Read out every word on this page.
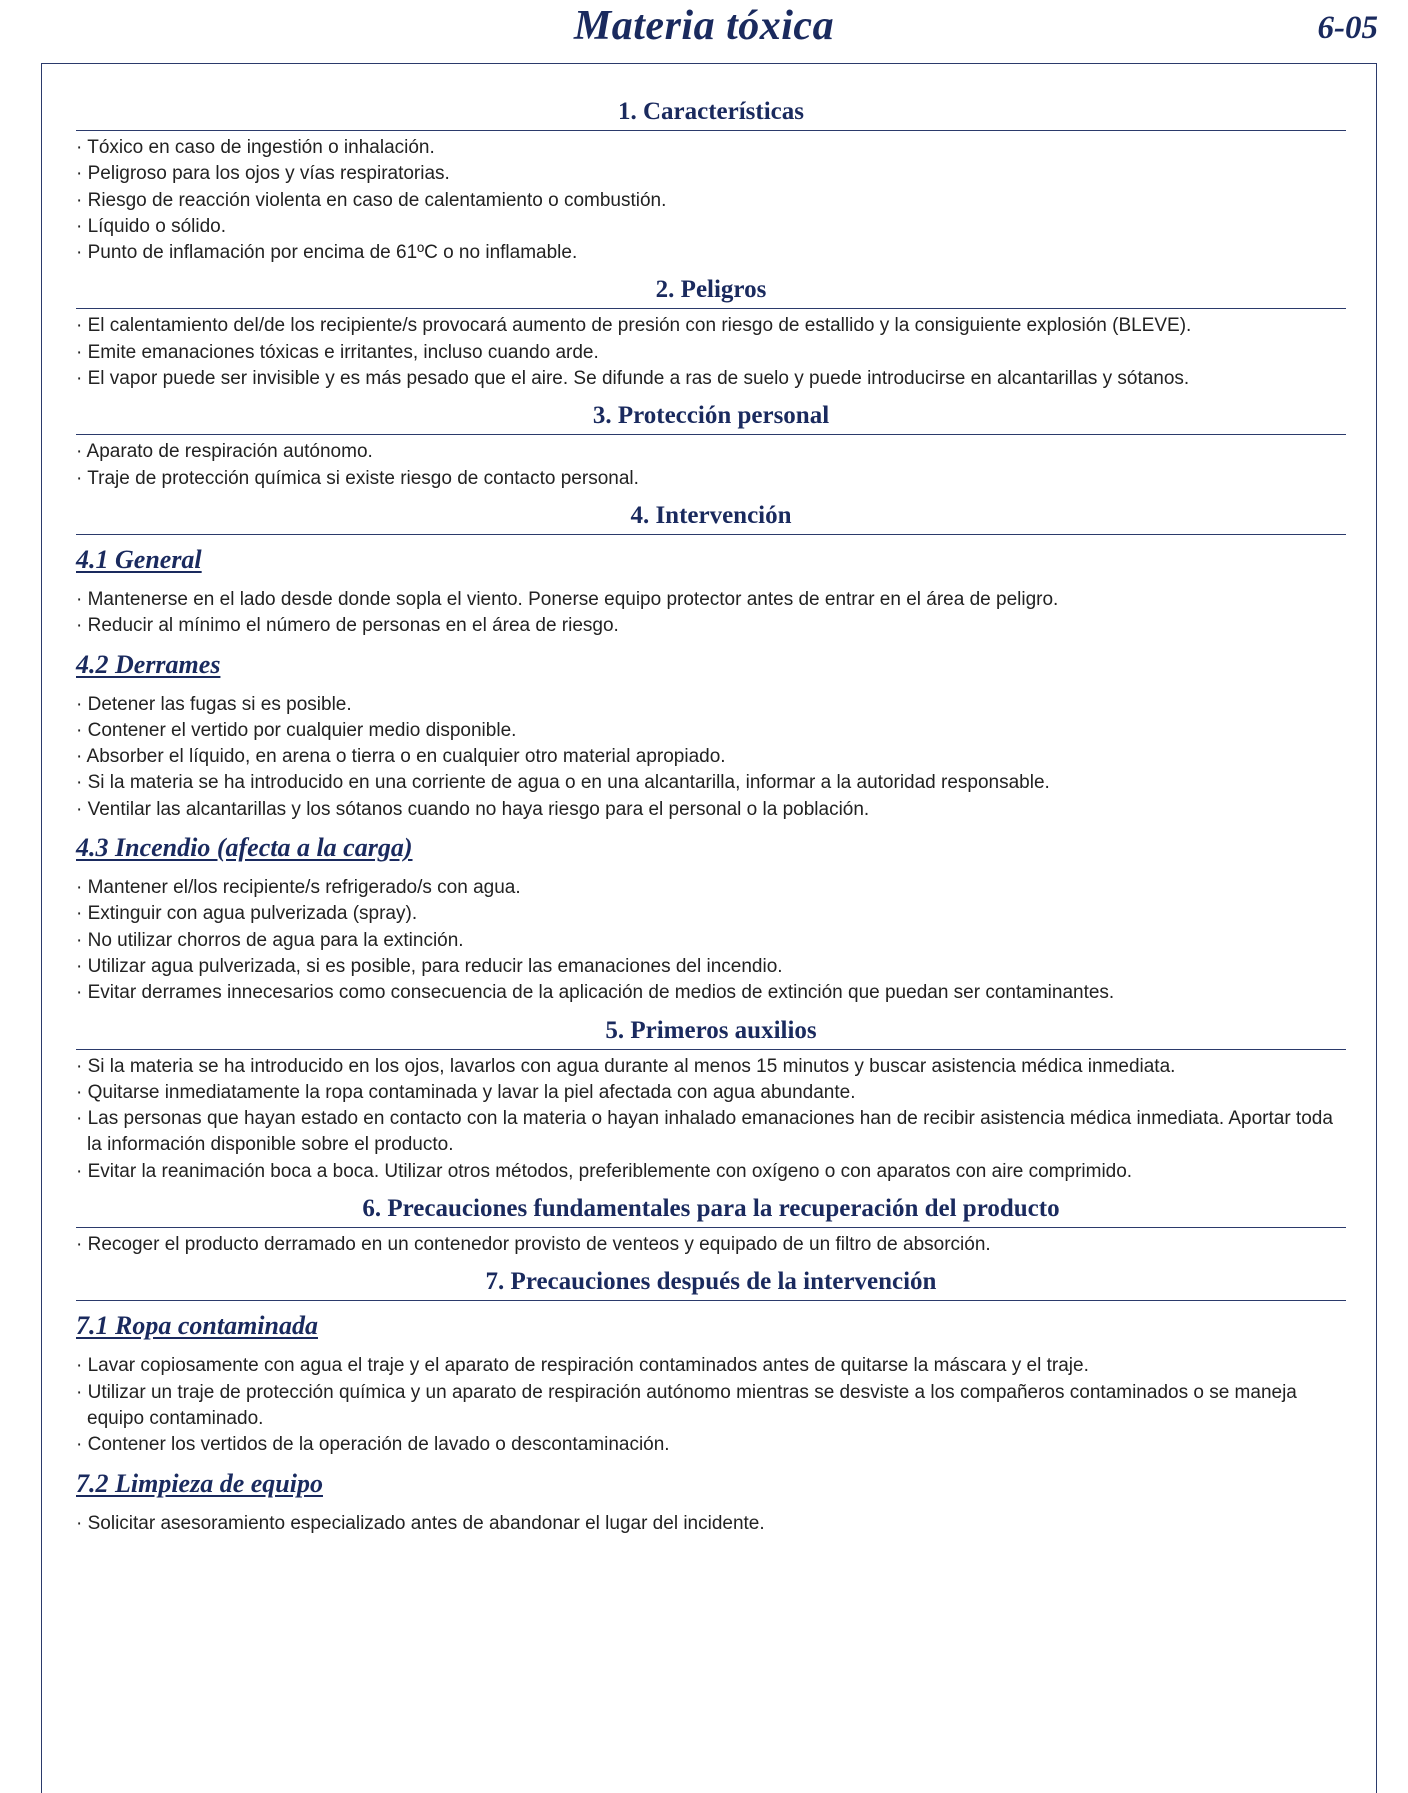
Materia tóxica	6-05
1. Características

· Tóxico en caso de ingestión o inhalación.

· Peligroso para los ojos y vías respiratorias.

· Riesgo de reacción violenta en caso de calentamiento o combustión.

· Líquido o sólido.

· Punto de inflamación por encima de 61ºC o no inflamable.

2. Peligros

· El calentamiento del/de los recipiente/s provocará aumento de presión con riesgo de estallido y la consiguiente explosión (BLEVE).

· Emite emanaciones tóxicas e irritantes, incluso cuando arde.

· El vapor puede ser invisible y es más pesado que el aire. Se difunde a ras de suelo y puede introducirse en alcantarillas y sótanos.

3. Protección personal

· Aparato de respiración autónomo.

· Traje de protección química si existe riesgo de contacto personal.

4. Intervención
4.1 General

· Mantenerse en el lado desde donde sopla el viento. Ponerse equipo protector antes de entrar en el área de peligro.

· Reducir al mínimo el número de personas en el área de riesgo.

4.2 Derrames

· Detener las fugas si es posible.

· Contener el vertido por cualquier medio disponible.

· Absorber el líquido, en arena o tierra o en cualquier otro material apropiado.

· Si la materia se ha introducido en una corriente de agua o en una alcantarilla, informar a la autoridad responsable.

· Ventilar las alcantarillas y los sótanos cuando no haya riesgo para el personal o la población.

4.3 Incendio (afecta a la carga)

· Mantener el/los recipiente/s refrigerado/s con agua.

· Extinguir con agua pulverizada (spray).

· No utilizar chorros de agua para la extinción.

· Utilizar agua pulverizada, si es posible, para reducir las emanaciones del incendio.

· Evitar derrames innecesarios como consecuencia de la aplicación de medios de extinción que puedan ser contaminantes.

5. Primeros auxilios

· Si la materia se ha introducido en los ojos, lavarlos con agua durante al menos 15 minutos y buscar asistencia médica inmediata.

· Quitarse inmediatamente la ropa contaminada y lavar la piel afectada con agua abundante.

· Las personas que hayan estado en contacto con la materia o hayan inhalado emanaciones han de recibir asistencia médica inmediata. Aportar toda la información disponible sobre el producto.

· Evitar la reanimación boca a boca. Utilizar otros métodos, preferiblemente con oxígeno o con aparatos con aire comprimido.

6. Precauciones fundamentales para la recuperación del producto

· Recoger el producto derramado en un contenedor provisto de venteos y equipado de un filtro de absorción.

7. Precauciones después de la intervención
7.1 Ropa contaminada

· Lavar copiosamente con agua el traje y el aparato de respiración contaminados antes de quitarse la máscara y el traje.

· Utilizar un traje de protección química y un aparato de respiración autónomo mientras se desviste a los compañeros contaminados o se maneja equipo contaminado.

· Contener los vertidos de la operación de lavado o descontaminación.

7.2 Limpieza de equipo

· Solicitar asesoramiento especializado antes de abandonar el lugar del incidente.
